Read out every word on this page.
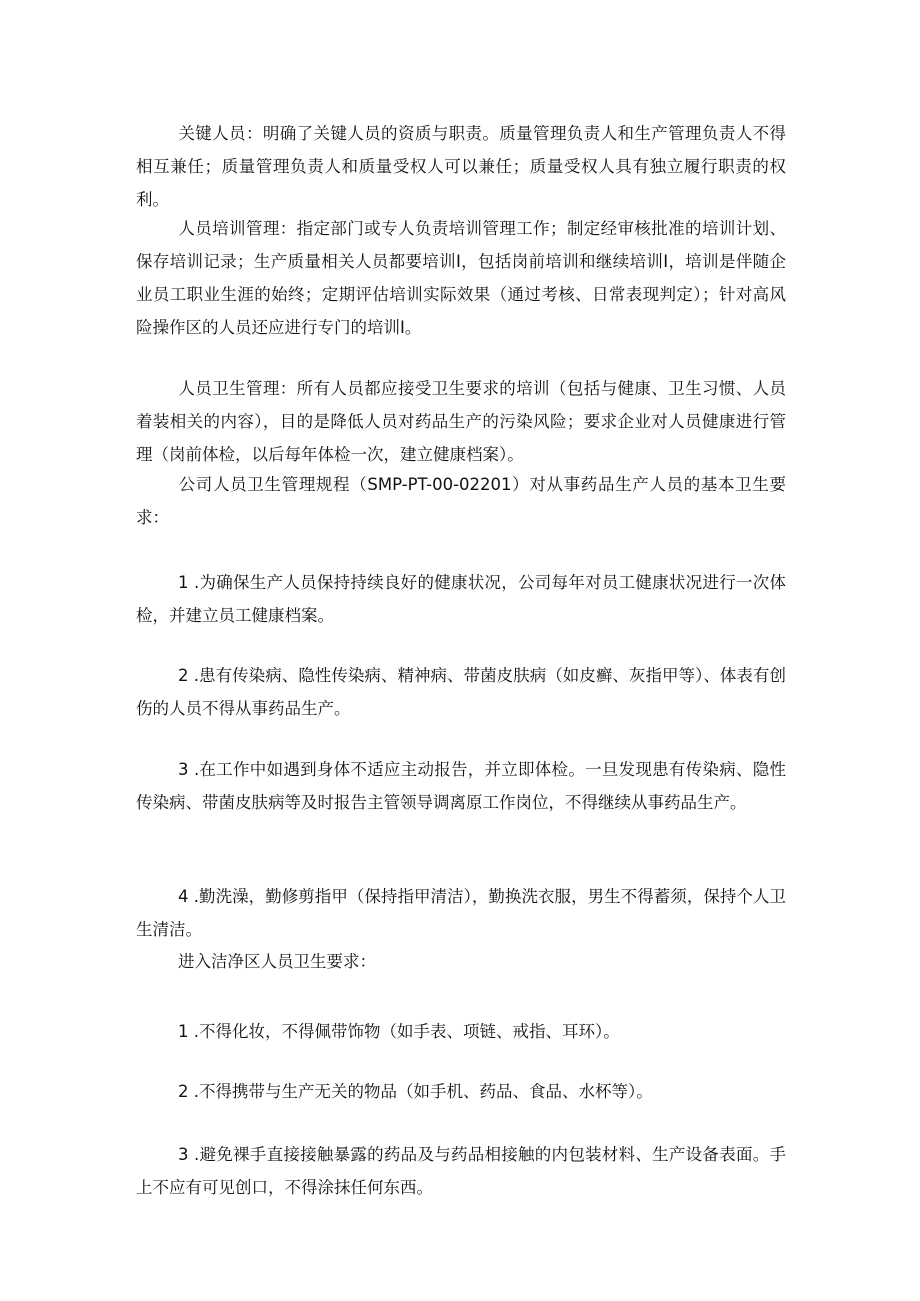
关键人员：明确了关键人员的资质与职责。质量管理负责人和生产管理负责人不得相互兼任；质量管理负责人和质量受权人可以兼任；质量受权人具有独立履行职责的权利。

人员培训管理：指定部门或专人负责培训管理工作；制定经审核批准的培训计划、保存培训记录；生产质量相关人员都要培训I，包括岗前培训和继续培训I，培训是伴随企业员工职业生涯的始终；定期评估培训实际效果（通过考核、日常表现判定）；针对高风险操作区的人员还应进行专门的培训I。

人员卫生管理：所有人员都应接受卫生要求的培训（包括与健康、卫生习惯、人员着装相关的内容），目的是降低人员对药品生产的污染风险；要求企业对人员健康进行管理（岗前体检，以后每年体检一次，建立健康档案）。

公司人员卫生管理规程（SMP-PT-00-02201）对从事药品生产人员的基本卫生要求：

1 .为确保生产人员保持持续良好的健康状况，公司每年对员工健康状况进行一次体检，并建立员工健康档案。

2 .患有传染病、隐性传染病、精神病、带菌皮肤病（如皮癣、灰指甲等）、体表有创伤的人员不得从事药品生产。

3 .在工作中如遇到身体不适应主动报告，并立即体检。一旦发现患有传染病、隐性传染病、带菌皮肤病等及时报告主管领导调离原工作岗位，不得继续从事药品生产。

4 .勤洗澡，勤修剪指甲（保持指甲清洁），勤换洗衣服，男生不得蓄须，保持个人卫生清洁。

进入洁净区人员卫生要求：

1 .不得化妆，不得佩带饰物（如手表、项链、戒指、耳环）。

2 .不得携带与生产无关的物品（如手机、药品、食品、水杯等）。

3 .避免裸手直接接触暴露的药品及与药品相接触的内包装材料、生产设备表面。手上不应有可见创口，不得涂抹任何东西。
